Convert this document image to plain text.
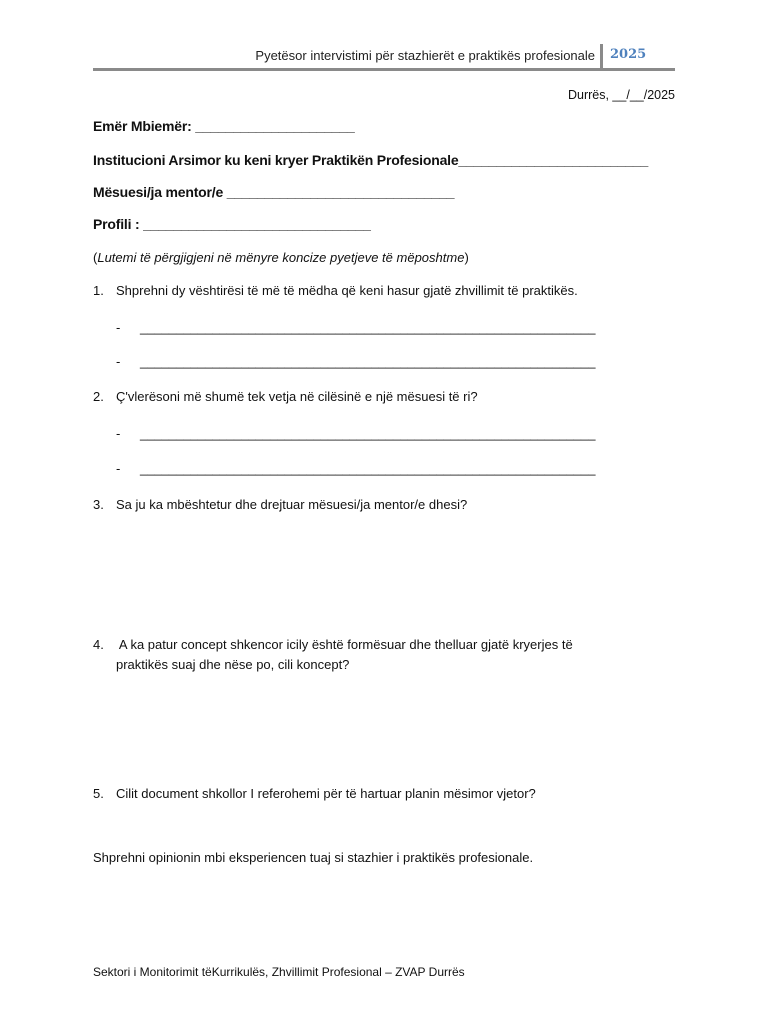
Pyetësor intervistimi për stazhierët e praktikës profesionale 2025
Durrës, __/__/2025
Emër Mbiemër: _____________________
Institucioni Arsimor ku keni kryer Praktikën Profesionale_________________________
Mësuesi/ja mentor/e ______________________________
Profili : ______________________________
(Lutemi të përgjigjeni në mënyre koncize pyetjeve të mëposhtme)
1. Shprehni dy vështirësi të më të mëdha që keni hasur gjatë zhvillimit të praktikës.
- _______________________________________________________________
- _______________________________________________________________
2. Ç'vlerësoni më shumë tek vetja në cilësinë e një mësuesi të ri?
- _______________________________________________________________
- _______________________________________________________________
3. Sa ju ka mbështetur dhe drejtuar mësuesi/ja mentor/e dhesi?
4. A ka patur concept shkencor icily është formësuar dhe thelluar gjatë kryerjes të
praktikës suaj dhe nëse po, cili koncept?
5. Cilit document shkollor I referohemi për të hartuar planin mësimor vjetor?
Shprehni opinionin mbi eksperiencen tuaj si stazhier i praktikës profesionale.
Sektori i Monitorimit tëKurrikulës, Zhvillimit Profesional – ZVAP Durrës
